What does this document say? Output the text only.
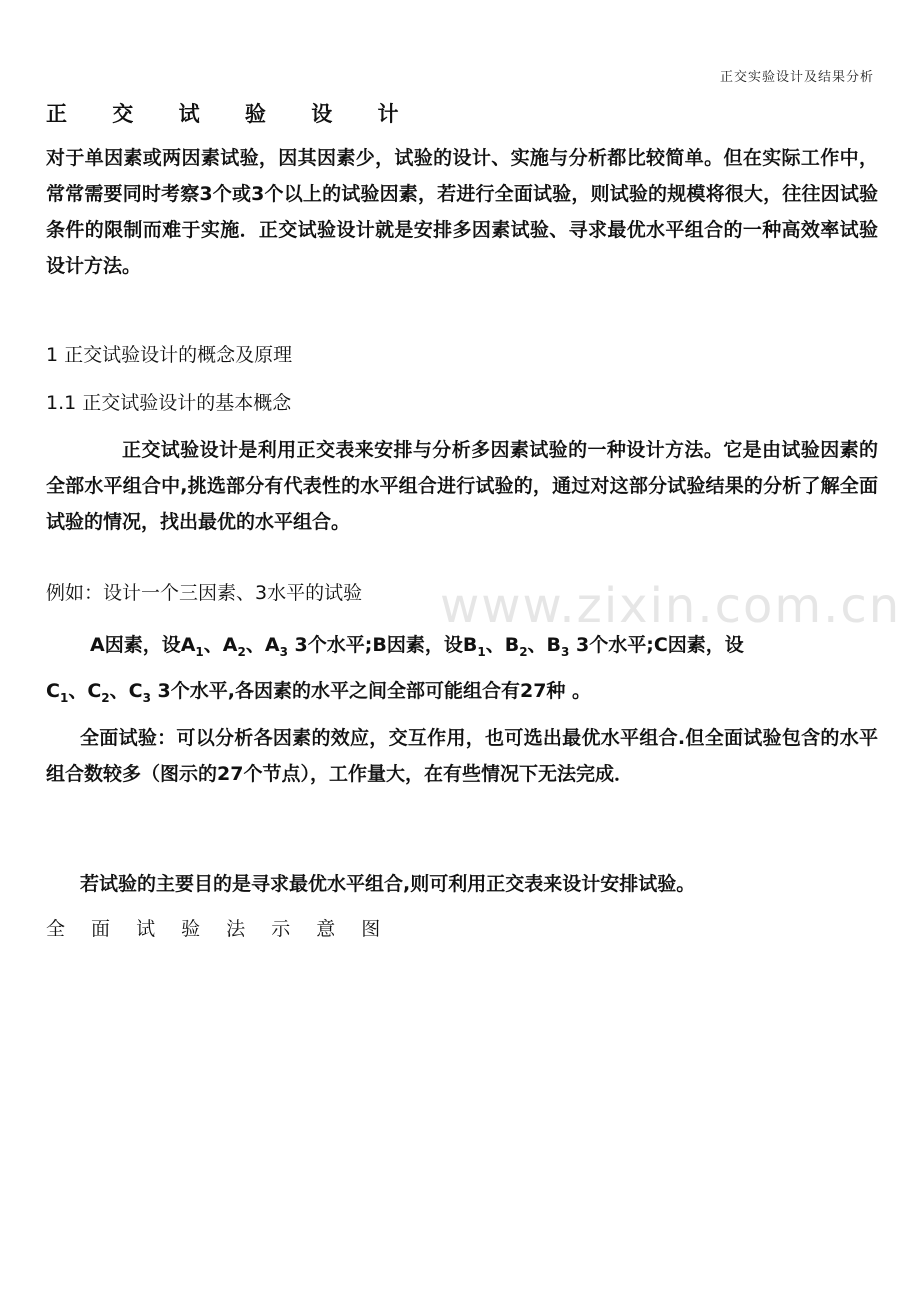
正交实验设计及结果分析
正 交 试 验 设 计
对于单因素或两因素试验，因其因素少，试验的设计、实施与分析都比较简单。但在实际工作中，常常需要同时考察3个或3个以上的试验因素，若进行全面试验，则试验的规模将很大，往往因试验条件的限制而难于实施．正交试验设计就是安排多因素试验、寻求最优水平组合的一种高效率试验设计方法。
1 正交试验设计的概念及原理
1.1 正交试验设计的基本概念
正交试验设计是利用正交表来安排与分析多因素试验的一种设计方法。它是由试验因素的全部水平组合中,挑选部分有代表性的水平组合进行试验的，通过对这部分试验结果的分析了解全面试验的情况，找出最优的水平组合。
例如：设计一个三因素、3水平的试验 www.zixin.com.cn
A因素，设$A_1$、$A_2$、$A_3$ 3个水平;B因素，设$B_1$、$B_2$、$B_3$ 3个水平;C因素，设
$C_1$、$C_2$、$C_3$ 3个水平,各因素的水平之间全部可能组合有27种 。
全面试验：可以分析各因素的效应，交互作用，也可选出最优水平组合.但全面试验包含的水平组合数较多（图示的27个节点），工作量大，在有些情况下无法完成．
若试验的主要目的是寻求最优水平组合,则可利用正交表来设计安排试验。
全 面 试 验 法 示 意 图
